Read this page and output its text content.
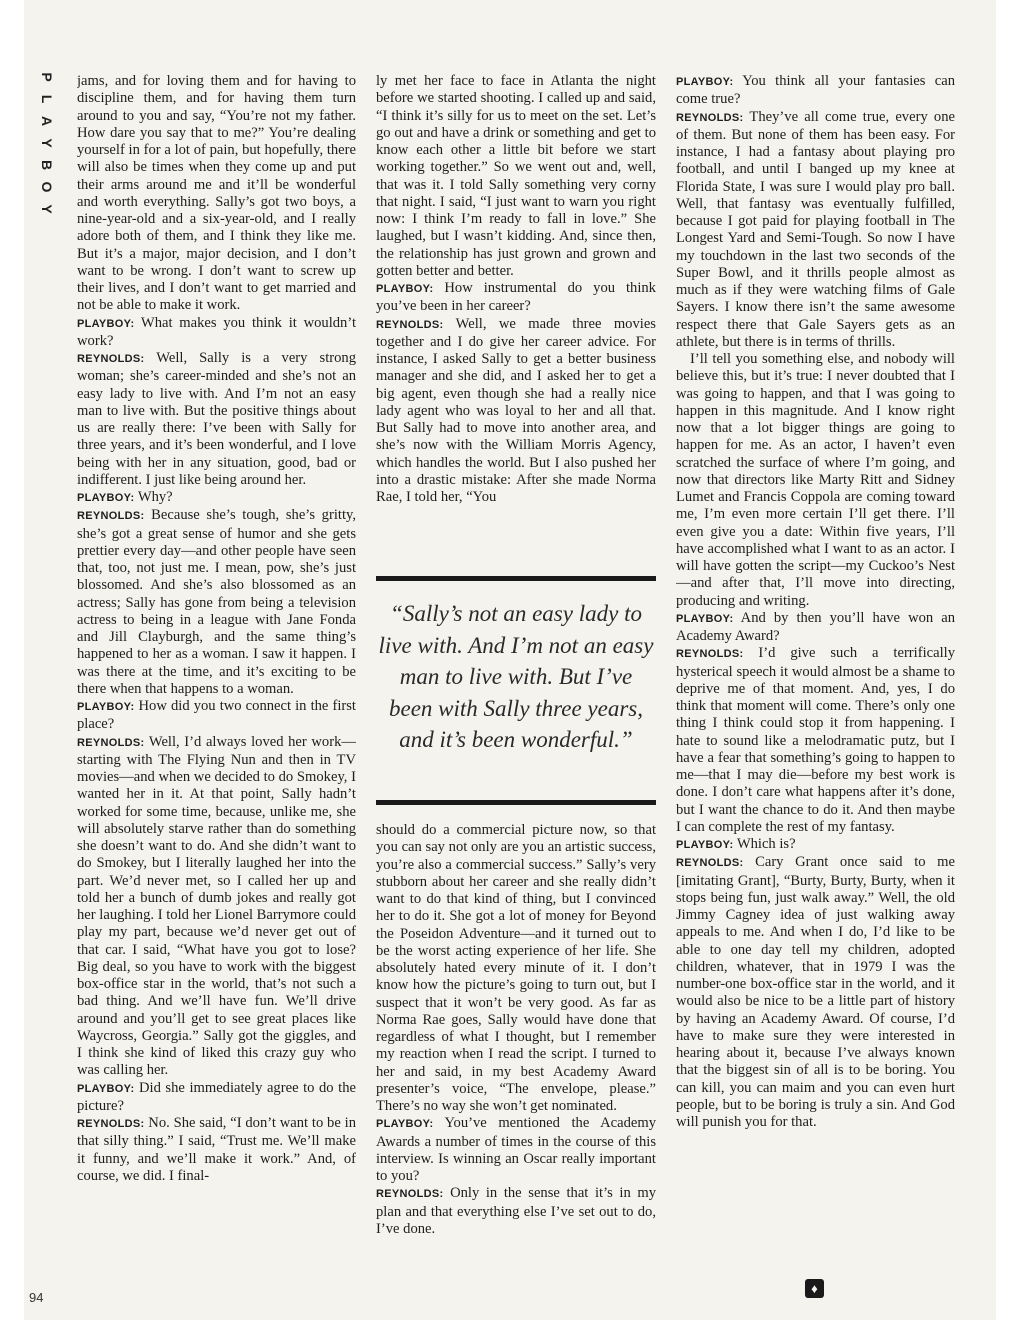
P
L
A
Y
B
O
Y

jams, and for loving them and for having to discipline them, and for having them turn around to you and say, “You’re not my father. How dare you say that to me?” You’re dealing yourself in for a lot of pain, but hopefully, there will also be times when they come up and put their arms around me and it’ll be wonderful and worth everything. Sally’s got two boys, a nine-year-old and a six-year-old, and I really adore both of them, and I think they like me. But it’s a major, major decision, and I don’t want to be wrong. I don’t want to screw up their lives, and I don’t want to get married and not be able to make it work.

PLAYBOY: What makes you think it wouldn’t work?

REYNOLDS: Well, Sally is a very strong woman; she’s career-minded and she’s not an easy lady to live with. And I’m not an easy man to live with. But the positive things about us are really there: I’ve been with Sally for three years, and it’s been wonderful, and I love being with her in any situation, good, bad or indifferent. I just like being around her.

PLAYBOY: Why?

REYNOLDS: Because she’s tough, she’s gritty, she’s got a great sense of humor and she gets prettier every day—and other people have seen that, too, not just me. I mean, pow, she’s just blossomed. And she’s also blossomed as an actress; Sally has gone from being a television actress to being in a league with Jane Fonda and Jill Clayburgh, and the same thing’s happened to her as a woman. I saw it happen. I was there at the time, and it’s exciting to be there when that happens to a woman.

PLAYBOY: How did you two connect in the first place?

REYNOLDS: Well, I’d always loved her work—starting with The Flying Nun and then in TV movies—and when we decided to do Smokey, I wanted her in it. At that point, Sally hadn’t worked for some time, because, unlike me, she will absolutely starve rather than do something she doesn’t want to do. And she didn’t want to do Smokey, but I literally laughed her into the part. We’d never met, so I called her up and told her a bunch of dumb jokes and really got her laughing. I told her Lionel Barrymore could play my part, because we’d never get out of that car. I said, “What have you got to lose? Big deal, so you have to work with the biggest box-office star in the world, that’s not such a bad thing. And we’ll have fun. We’ll drive around and you’ll get to see great places like Waycross, Georgia.” Sally got the giggles, and I think she kind of liked this crazy guy who was calling her.

PLAYBOY: Did she immediately agree to do the picture?

REYNOLDS: No. She said, “I don’t want to be in that silly thing.” I said, “Trust me. We’ll make it funny, and we’ll make it work.” And, of course, we did. I final-

ly met her face to face in Atlanta the night before we started shooting. I called up and said, “I think it’s silly for us to meet on the set. Let’s go out and have a drink or something and get to know each other a little bit before we start working together.” So we went out and, well, that was it. I told Sally something very corny that night. I said, “I just want to warn you right now: I think I’m ready to fall in love.” She laughed, but I wasn’t kidding. And, since then, the relationship has just grown and grown and gotten better and better.

PLAYBOY: How instrumental do you think you’ve been in her career?

REYNOLDS: Well, we made three movies together and I do give her career advice. For instance, I asked Sally to get a better business manager and she did, and I asked her to get a big agent, even though she had a really nice lady agent who was loyal to her and all that. But Sally had to move into another area, and she’s now with the William Morris Agency, which handles the world. But I also pushed her into a drastic mistake: After she made Norma Rae, I told her, “You

“Sally’s not an easy lady to live with. And I’m not an easy man to live with. But I’ve been with Sally three years, and it’s been wonderful.”

should do a commercial picture now, so that you can say not only are you an artistic success, you’re also a commercial success.” Sally’s very stubborn about her career and she really didn’t want to do that kind of thing, but I convinced her to do it. She got a lot of money for Beyond the Poseidon Adventure—and it turned out to be the worst acting experience of her life. She absolutely hated every minute of it. I don’t know how the picture’s going to turn out, but I suspect that it won’t be very good. As far as Norma Rae goes, Sally would have done that regardless of what I thought, but I remember my reaction when I read the script. I turned to her and said, in my best Academy Award presenter’s voice, “The envelope, please.” There’s no way she won’t get nominated.

PLAYBOY: You’ve mentioned the Academy Awards a number of times in the course of this interview. Is winning an Oscar really important to you?

REYNOLDS: Only in the sense that it’s in my plan and that everything else I’ve set out to do, I’ve done.

PLAYBOY: You think all your fantasies can come true?

REYNOLDS: They’ve all come true, every one of them. But none of them has been easy. For instance, I had a fantasy about playing pro football, and until I banged up my knee at Florida State, I was sure I would play pro ball. Well, that fantasy was eventually fulfilled, because I got paid for playing football in The Longest Yard and Semi-Tough. So now I have my touchdown in the last two seconds of the Super Bowl, and it thrills people almost as much as if they were watching films of Gale Sayers. I know there isn’t the same awesome respect there that Gale Sayers gets as an athlete, but there is in terms of thrills.

I’ll tell you something else, and nobody will believe this, but it’s true: I never doubted that I was going to happen, and that I was going to happen in this magnitude. And I know right now that a lot bigger things are going to happen for me. As an actor, I haven’t even scratched the surface of where I’m going, and now that directors like Marty Ritt and Sidney Lumet and Francis Coppola are coming toward me, I’m even more certain I’ll get there. I’ll even give you a date: Within five years, I’ll have accomplished what I want to as an actor. I will have gotten the script—my Cuckoo’s Nest—and after that, I’ll move into directing, producing and writing.

PLAYBOY: And by then you’ll have won an Academy Award?

REYNOLDS: I’d give such a terrifically hysterical speech it would almost be a shame to deprive me of that moment. And, yes, I do think that moment will come. There’s only one thing I think could stop it from happening. I hate to sound like a melodramatic putz, but I have a fear that something’s going to happen to me—that I may die—before my best work is done. I don’t care what happens after it’s done, but I want the chance to do it. And then maybe I can complete the rest of my fantasy.

PLAYBOY: Which is?

REYNOLDS: Cary Grant once said to me [imitating Grant], “Burty, Burty, Burty, when it stops being fun, just walk away.” Well, the old Jimmy Cagney idea of just walking away appeals to me. And when I do, I’d like to be able to one day tell my children, adopted children, whatever, that in 1979 I was the number-one box-office star in the world, and it would also be nice to be a little part of history by having an Academy Award. Of course, I’d have to make sure they were interested in hearing about it, because I’ve always known that the biggest sin of all is to be boring. You can kill, you can maim and you can even hurt people, but to be boring is truly a sin. And God will punish you for that.

94
♦
